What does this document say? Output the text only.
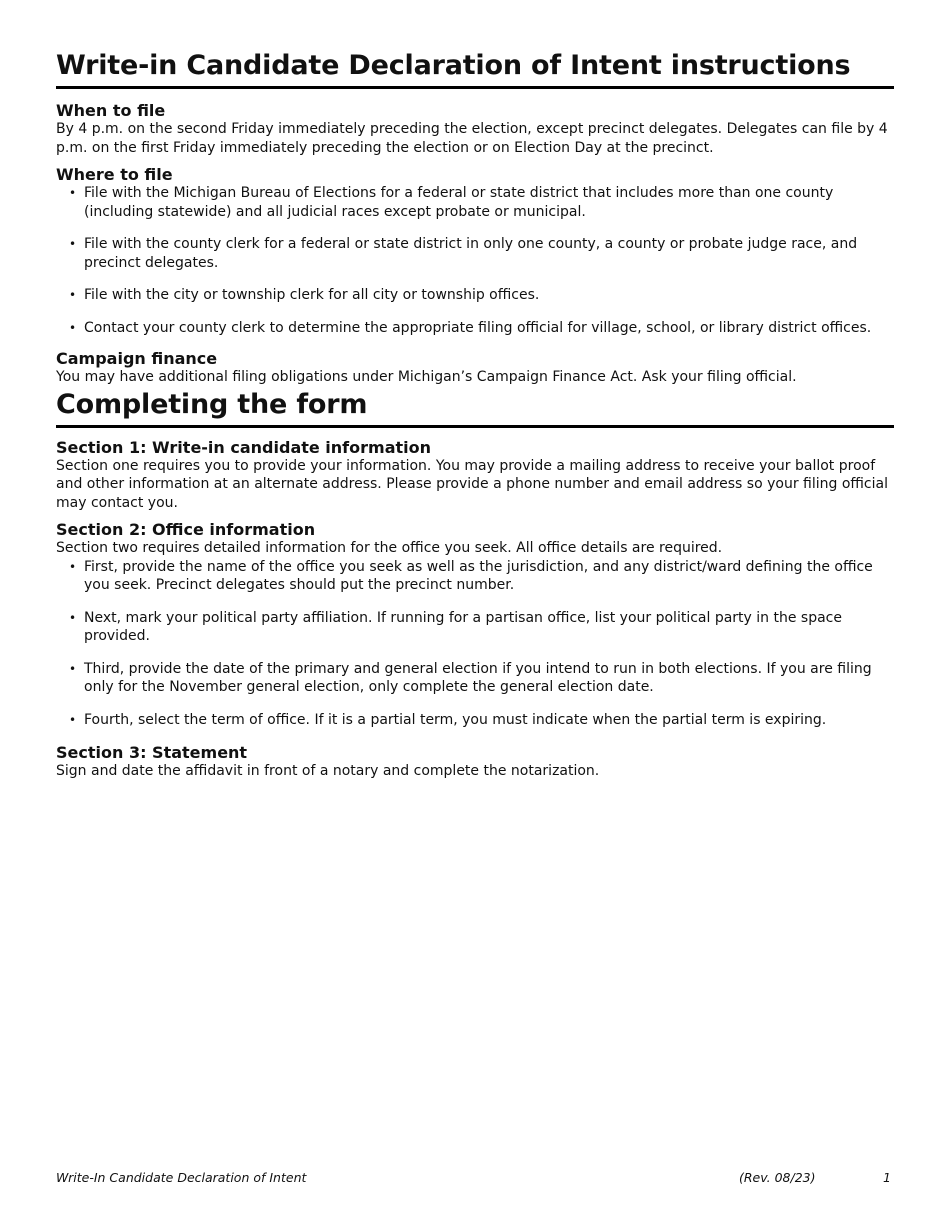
Write-in Candidate Declaration of Intent instructions
When to file

By 4 p.m. on the second Friday immediately preceding the election, except precinct delegates. Delegates can file by 4 p.m. on the first Friday immediately preceding the election or on Election Day at the precinct.

Where to file
• File with the Michigan Bureau of Elections for a federal or state district that includes more than one county (including statewide) and all judicial races except probate or municipal.
• File with the county clerk for a federal or state district in only one county, a county or probate judge race, and precinct delegates.
• File with the city or township clerk for all city or township offices.
• Contact your county clerk to determine the appropriate filing official for village, school, or library district offices.
Campaign finance

You may have additional filing obligations under Michigan’s Campaign Finance Act. Ask your filing official.

Completing the form
Section 1: Write-in candidate information

Section one requires you to provide your information. You may provide a mailing address to receive your ballot proof and other information at an alternate address. Please provide a phone number and email address so your filing official may contact you.

Section 2: Office information

Section two requires detailed information for the office you seek. All office details are required.

• First, provide the name of the office you seek as well as the jurisdiction, and any district/ward defining the office you seek. Precinct delegates should put the precinct number.
• Next, mark your political party affiliation. If running for a partisan office, list your political party in the space provided.
• Third, provide the date of the primary and general election if you intend to run in both elections. If you are filing only for the November general election, only complete the general election date.
• Fourth, select the term of office. If it is a partial term, you must indicate when the partial term is expiring.
Section 3: Statement

Sign and date the affidavit in front of a notary and complete the notarization.

Write-In Candidate Declaration of Intent	(Rev. 08/23)	1
